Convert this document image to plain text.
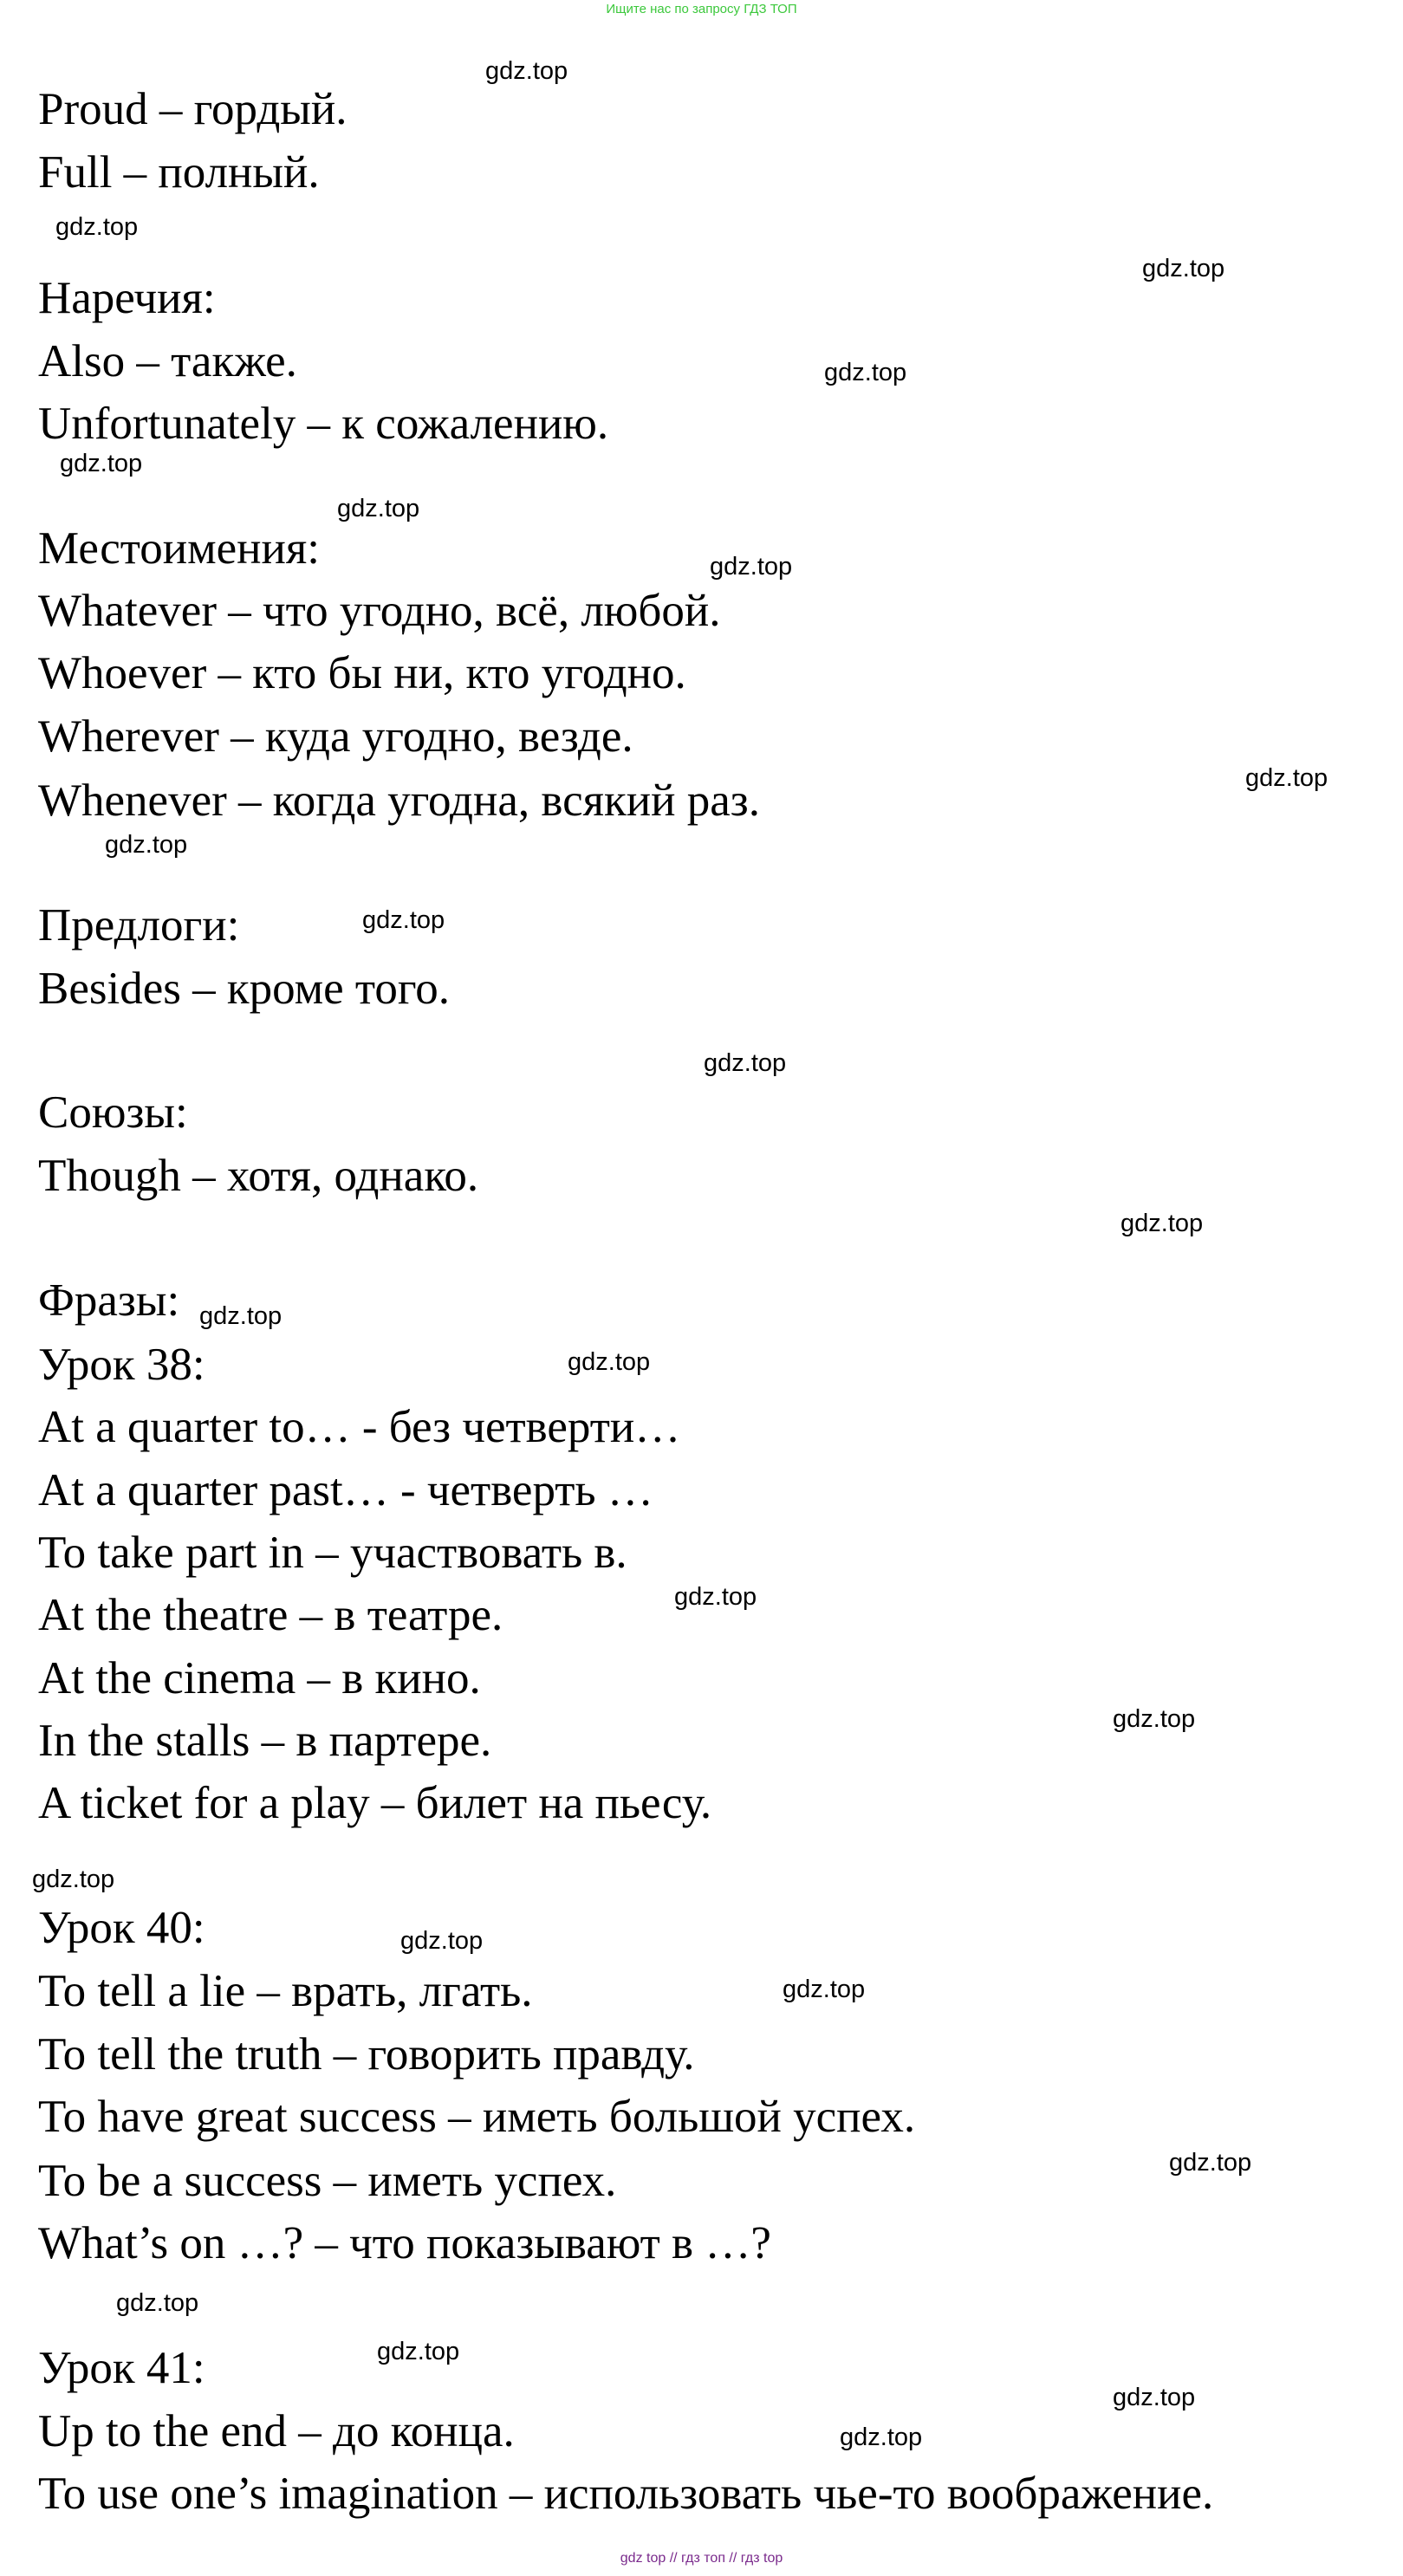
Ищите нас по запросу ГДЗ ТОП
Proud – гордый.
Full – полный.
Наречия:
Also – также.
Unfortunately – к сожалению.
Местоимения:
Whatever – что угодно, всё, любой.
Whoever – кто бы ни, кто угодно.
Wherever – куда угодно, везде.
Whenever – когда угодна, всякий раз.
Предлоги:
Besides – кроме того.
Союзы:
Though – хотя, однако.
Фразы:
Урок 38:
At a quarter to… - без четверти…
At a quarter past… - четверть …
To take part in – участвовать в.
At the theatre – в театре.
At the cinema – в кино.
In the stalls – в партере.
A ticket for a play – билет на пьесу.
Урок 40:
To tell a lie – врать, лгать.
To tell the truth – говорить правду.
To have great success – иметь большой успех.
To be a success – иметь успех.
What’s on …? – что показывают в …?
Урок 41:
Up to the end – до конца.
To use one’s imagination – использовать чье-то воображение.
gdz.top
gdz.top
gdz.top
gdz.top
gdz.top
gdz.top
gdz.top
gdz.top
gdz.top
gdz.top
gdz.top
gdz.top
gdz.top
gdz.top
gdz.top
gdz.top
gdz.top
gdz.top
gdz.top
gdz.top
gdz.top
gdz.top
gdz.top
gdz.top
gdz top // гдз топ // гдз top
